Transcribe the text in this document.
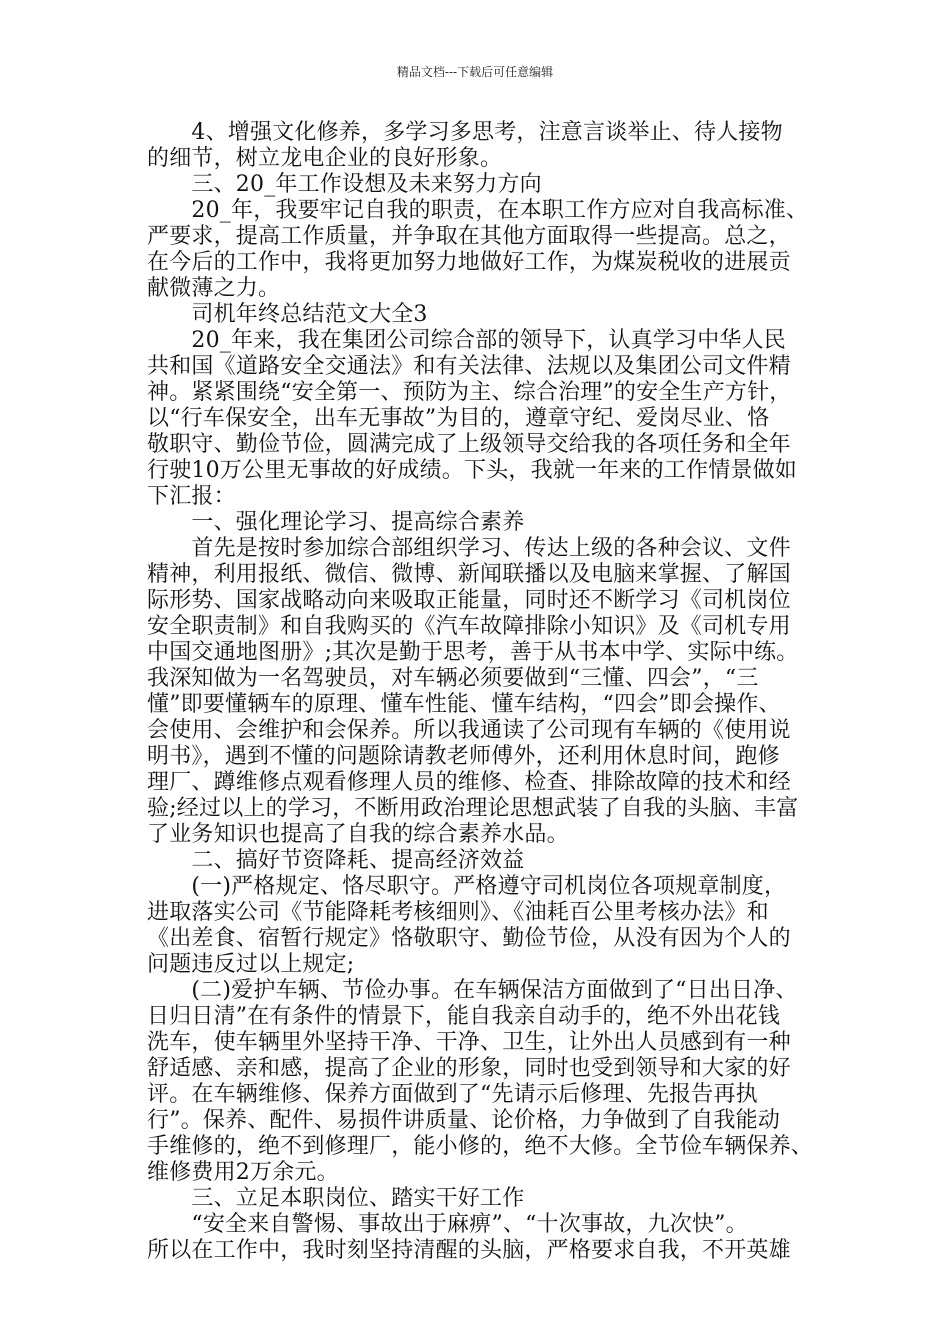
精品文档---下载后可任意编辑
　　4、增强文化修养，多学习多思考，注意言谈举止、待人接物
的细节，树立龙电企业的良好形象。
　　三、20_年工作设想及未来努力方向
　　20_年，我要牢记自我的职责，在本职工作方应对自我高标准、
严要求，提高工作质量，并争取在其他方面取得一些提高。总之，
在今后的工作中，我将更加努力地做好工作，为煤炭税收的进展贡
献微薄之力。
　　司机年终总结范文大全3
　　20_年来，我在集团公司综合部的领导下，认真学习中华人民
共和国《道路安全交通法》和有关法律、法规以及集团公司文件精
神。紧紧围绕“安全第一、预防为主、综合治理”的安全生产方针，
以“行车保安全，出车无事故”为目的，遵章守纪、爱岗尽业、恪
敬职守、勤俭节俭，圆满完成了上级领导交给我的各项任务和全年
行驶10万公里无事故的好成绩。下头，我就一年来的工作情景做如
下汇报：
　　一、强化理论学习、提高综合素养
　　首先是按时参加综合部组织学习、传达上级的各种会议、文件
精神，利用报纸、微信、微博、新闻联播以及电脑来掌握、了解国
际形势、国家战略动向来吸取正能量，同时还不断学习《司机岗位
安全职责制》和自我购买的《汽车故障排除小知识》及《司机专用
中国交通地图册》;其次是勤于思考，善于从书本中学、实际中练。
我深知做为一名驾驶员，对车辆必须要做到“三懂、四会”，“三
懂”即要懂辆车的原理、懂车性能、懂车结构，“四会”即会操作、
会使用、会维护和会保养。所以我通读了公司现有车辆的《使用说
明书》，遇到不懂的问题除请教老师傅外，还利用休息时间，跑修
理厂、蹲维修点观看修理人员的维修、检查、排除故障的技术和经
验;经过以上的学习，不断用政治理论思想武装了自我的头脑、丰富
了业务知识也提高了自我的综合素养水品。
　　二、搞好节资降耗、提高经济效益
　　(一)严格规定、恪尽职守。严格遵守司机岗位各项规章制度，
进取落实公司《节能降耗考核细则》、《油耗百公里考核办法》和
《出差食、宿暂行规定》恪敬职守、勤俭节俭，从没有因为个人的
问题违反过以上规定;
　　(二)爱护车辆、节俭办事。在车辆保洁方面做到了“日出日净、
日归日清”在有条件的情景下，能自我亲自动手的，绝不外出花钱
洗车，使车辆里外坚持干净、干净、卫生，让外出人员感到有一种
舒适感、亲和感，提高了企业的形象，同时也受到领导和大家的好
评。在车辆维修、保养方面做到了“先请示后修理、先报告再执
行”。保养、配件、易损件讲质量、论价格，力争做到了自我能动
手维修的，绝不到修理厂，能小修的，绝不大修。全节俭车辆保养、
维修费用2万余元。
　　三、立足本职岗位、踏实干好工作
　　“安全来自警惕、事故出于麻痹”、“十次事故，九次快”。
所以在工作中，我时刻坚持清醒的头脑，严格要求自我，不开英雄
